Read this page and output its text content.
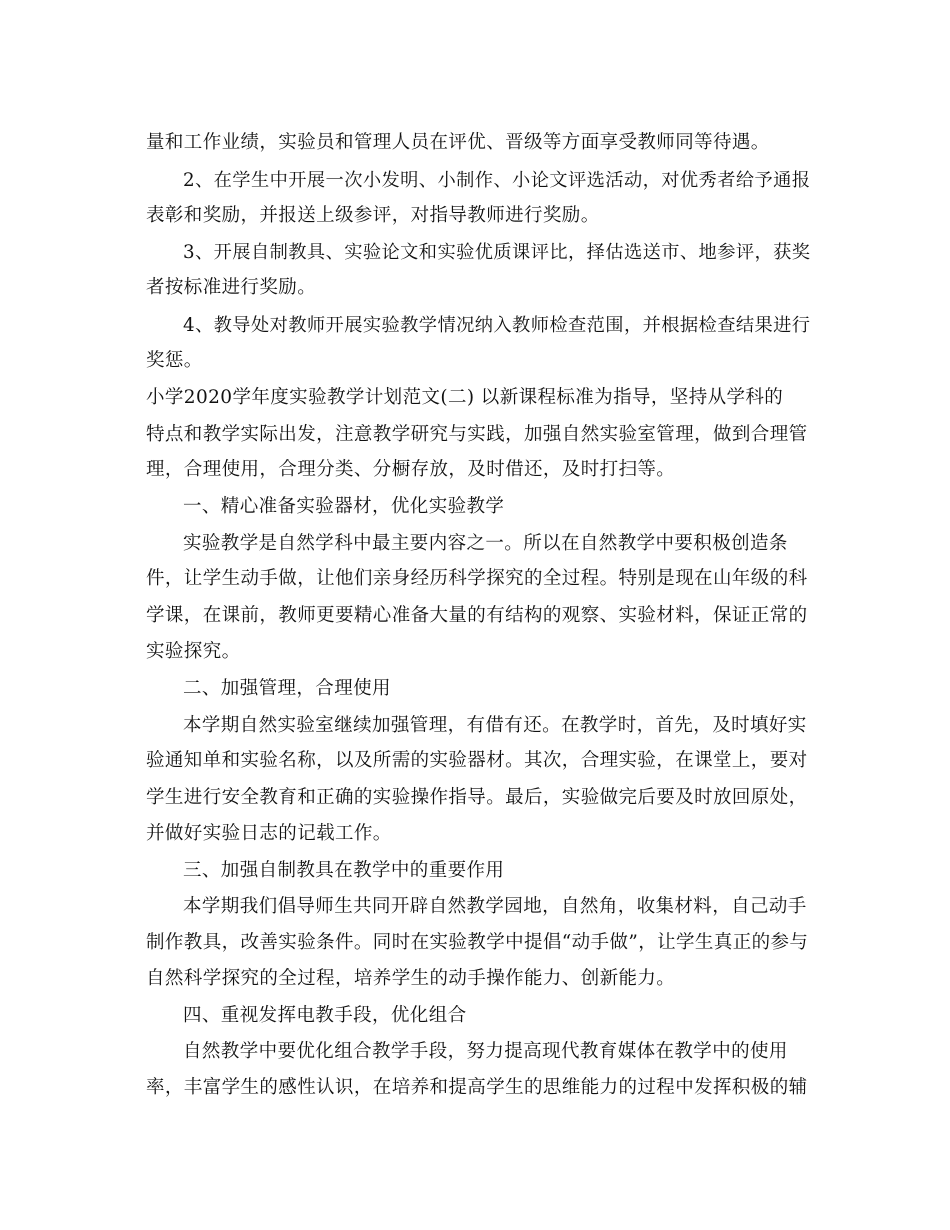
量和工作业绩，实验员和管理人员在评优、晋级等方面享受教师同等待遇。
2、在学生中开展一次小发明、小制作、小论文评选活动，对优秀者给予通报
表彰和奖励，并报送上级参评，对指导教师进行奖励。
3、开展自制教具、实验论文和实验优质课评比，择估选送市、地参评，获奖
者按标准进行奖励。
4、教导处对教师开展实验教学情况纳入教师检查范围，并根据检查结果进行
奖惩。
小学2020学年度实验教学计划范文(二) 以新课程标准为指导，坚持从学科的
特点和教学实际出发，注意教学研究与实践，加强自然实验室管理，做到合理管
理，合理使用，合理分类、分橱存放，及时借还，及时打扫等。
一、精心准备实验器材，优化实验教学
实验教学是自然学科中最主要内容之一。所以在自然教学中要积极创造条
件，让学生动手做，让他们亲身经历科学探究的全过程。特别是现在山年级的科
学课，在课前，教师更要精心准备大量的有结构的观察、实验材料，保证正常的
实验探究。
二、加强管理，合理使用
本学期自然实验室继续加强管理，有借有还。在教学时，首先，及时填好实
验通知单和实验名称，以及所需的实验器材。其次，合理实验，在课堂上，要对
学生进行安全教育和正确的实验操作指导。最后，实验做完后要及时放回原处，
并做好实验日志的记载工作。
三、加强自制教具在教学中的重要作用
本学期我们倡导师生共同开辟自然教学园地，自然角，收集材料，自己动手
制作教具，改善实验条件。同时在实验教学中提倡“动手做”，让学生真正的参与
自然科学探究的全过程，培养学生的动手操作能力、创新能力。
四、重视发挥电教手段，优化组合
自然教学中要优化组合教学手段，努力提高现代教育媒体在教学中的使用
率，丰富学生的感性认识，在培养和提高学生的思维能力的过程中发挥积极的辅
